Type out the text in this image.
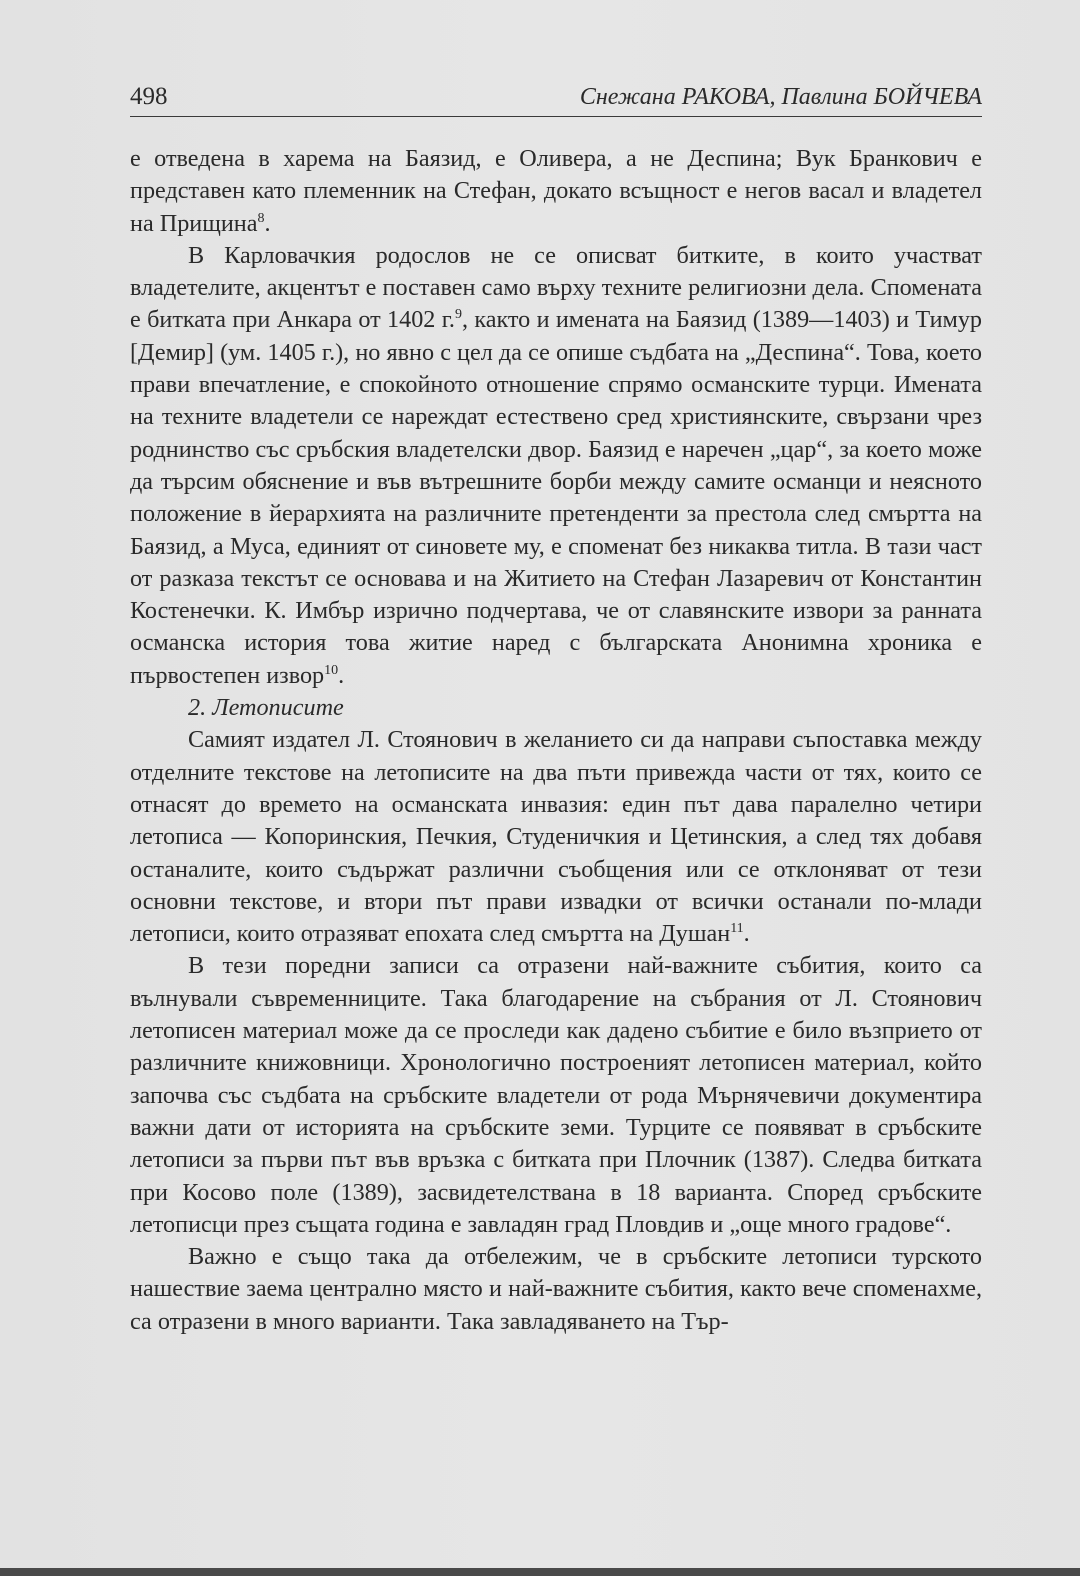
498	Снежана РАКОВА, Павлина БОЙЧЕВА

е отведена в харема на Баязид, е Оливера, а не Деспина; Вук Бранкович е представен като племенник на Стефан, докато всъщност е негов васал и владетел на Прищина$^8$.

В Карловачкия родослов не се описват битките, в които участват владетелите, акцентът е поставен само върху техните религиозни дела. Спомената е битката при Анкара от 1402 г.$^9$, както и имената на Баязид (1389—1403) и Тимур [Демир] (ум. 1405 г.), но явно с цел да се опише съдбата на „Деспина“. Това, което прави впечатление, е спокойното отношение спрямо османските турци. Имената на техните владетели се нареждат естествено сред християнските, свързани чрез роднинство със сръбския владетелски двор. Баязид е наречен „цар“, за което може да търсим обяснение и във вътрешните борби между самите османци и неясното положение в йерархията на различните претенденти за престола след смъртта на Баязид, а Муса, единият от синовете му, е споменат без никаква титла. В тази част от разказа текстът се основава и на Житието на Стефан Лазаревич от Константин Костенечки. К. Имбър изрично подчертава, че от славянските извори за ранната османска история това житие наред с българската Анонимна хроника е първостепен извор$^{10}$.

2. Летописите

Самият издател Л. Стоянович в желанието си да направи съпоставка между отделните текстове на летописите на два пъти привежда части от тях, които се отнасят до времето на османската инвазия: един път дава паралелно четири летописа — Копоринския, Печкия, Студеничкия и Цетинския, а след тях добавя останалите, които съдържат различни съобщения или се отклоняват от тези основни текстове, и втори път прави извадки от всички останали по-млади летописи, които отразяват епохата след смъртта на Душан$^{11}$.

В тези поредни записи са отразени най-важните събития, които са вълнували съвременниците. Така благодарение на събрания от Л. Стоянович летописен материал може да се проследи как дадено събитие е било възприето от различните книжовници. Хронологично построеният летописен материал, който започва със съдбата на сръбските владетели от рода Мърнячевичи документира важни дати от историята на сръбските земи. Турците се появяват в сръбските летописи за първи път във връзка с битката при Плочник (1387). Следва битката при Косово поле (1389), засвидетелствана в 18 варианта. Според сръбските летописци през същата година е завладян град Пловдив и „още много градове“.

Важно е също така да отбележим, че в сръбските летописи турското нашествие заема централно място и най-важните събития, както вече споменахме, са отразени в много варианти. Така завладяването на Тър-
